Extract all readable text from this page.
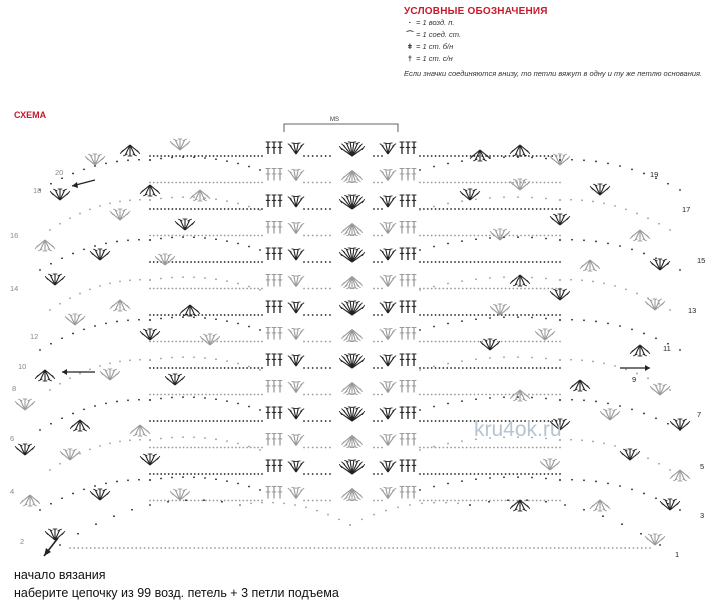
УСЛОВНЫЕ ОБОЗНАЧЕНИЯ
· = 1 возд. п.
⌒ = 1 соед. ст.
ǂ = 1 ст. б/н
† = 1 ст. с/н
Если значки соединяются внизу, то петли вяжут в одну и ту же петлю основания.
СХЕМА	МS
kru4ok.ru
19
17
15
13
11
9
7
5
3
1
20
18
16
14
12
10
8
6
4
2
начало вязания
наберите цепочку из 99 возд. петель + 3 петли подъема
